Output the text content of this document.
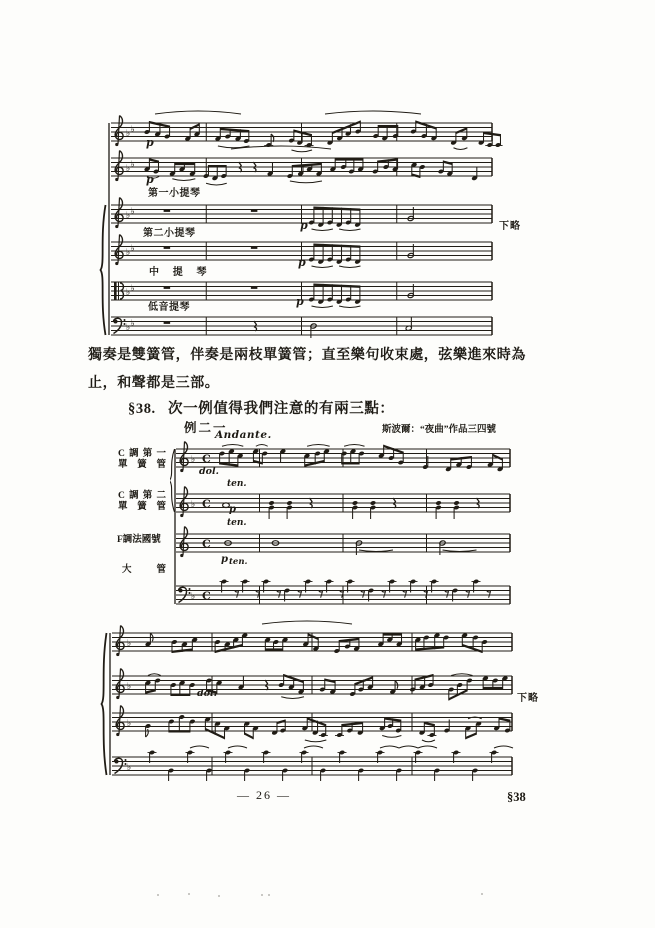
♭ ♭
♭ ♭
♭ ♭
♭ ♭
♭ ♭
♭ ♭
p
p
第一小提琴
第二小提琴
中提琴
低音提琴
p
p
p
下略
獨奏是雙簧管，伴奏是兩枝單簧管；直至樂句收束處，弦樂進來時為
止，和聲都是三部。
§38. 次一例值得我們注意的有兩三點：
例二一	斯波爾：“夜曲”作品三四號
Andante.
♭ C
♭ C
C
♭ C
C調第一
單簧管
C調第二
單簧管
F調法國號
大管
dol.
ten.
p
ten.
pten.
♭
♭
♭
♭
dol.	下略
— 26 —	§38
